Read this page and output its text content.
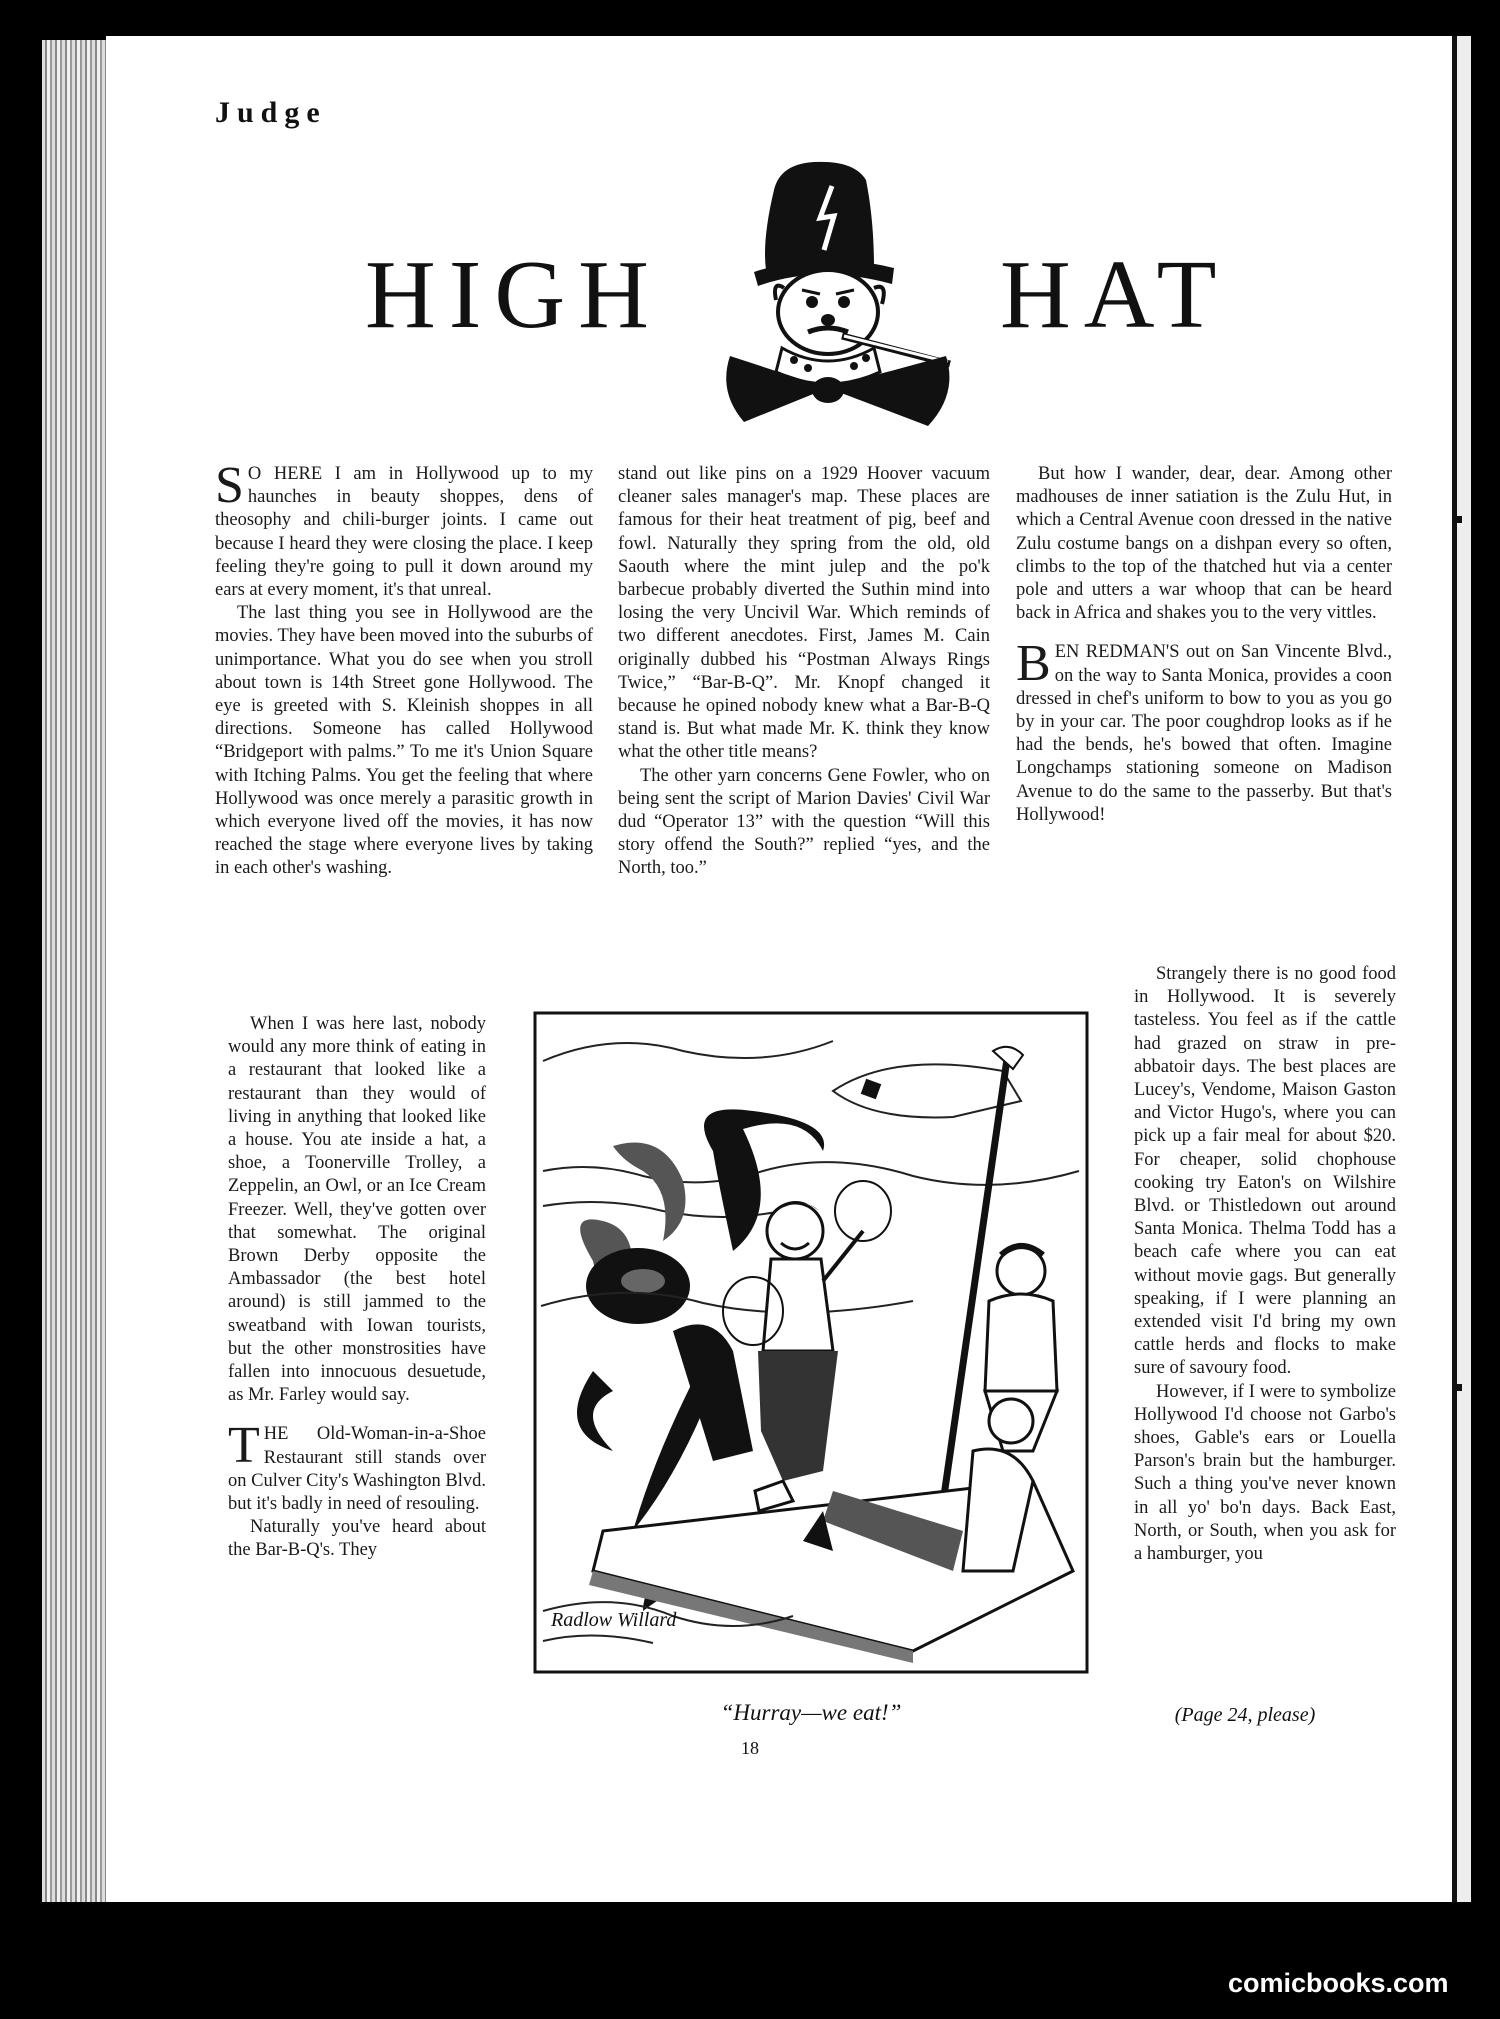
Judge
HIGH	HAT

S O HERE I am in Hollywood up to my haunches in beauty shoppes, dens of theosophy and chili-burger joints. I came out because I heard they were closing the place. I keep feeling they're going to pull it down around my ears at every moment, it's that unreal.

The last thing you see in Hollywood are the movies. They have been moved into the suburbs of unimportance. What you do see when you stroll about town is 14th Street gone Hollywood. The eye is greeted with S. Kleinish shoppes in all directions. Someone has called Hollywood “Bridgeport with palms.” To me it's Union Square with Itching Palms. You get the feeling that where Hollywood was once merely a parasitic growth in which everyone lived off the movies, it has now reached the stage where everyone lives by taking in each other's washing.

When I was here last, nobody would any more think of eating in a restaurant that looked like a restaurant than they would of living in anything that looked like a house. You ate inside a hat, a shoe, a Toonerville Trolley, a Zeppelin, an Owl, or an Ice Cream Freezer. Well, they've gotten over that somewhat. The original Brown Derby opposite the Ambassador (the best hotel around) is still jammed to the sweatband with Iowan tourists, but the other monstrosities have fallen into innocuous desuetude, as Mr. Farley would say.

THE Old-Woman-in-a-Shoe Restaurant still stands over on Culver City's Washington Blvd. but it's badly in need of resouling.

Naturally you've heard about the Bar-B-Q's. They

stand out like pins on a 1929 Hoover vacuum cleaner sales manager's map. These places are famous for their heat treatment of pig, beef and fowl. Naturally they spring from the old, old Saouth where the mint julep and the po'k barbecue probably diverted the Suthin mind into losing the very Uncivil War. Which reminds of two different anecdotes. First, James M. Cain originally dubbed his “Postman Always Rings Twice,” “Bar-B-Q”. Mr. Knopf changed it because he opined nobody knew what a Bar-B-Q stand is. But what made Mr. K. think they know what the other title means?

The other yarn concerns Gene Fowler, who on being sent the script of Marion Davies' Civil War dud “Operator 13” with the question “Will this story offend the South?” replied “yes, and the North, too.”

But how I wander, dear, dear. Among other madhouses de inner satiation is the Zulu Hut, in which a Central Avenue coon dressed in the native Zulu costume bangs on a dishpan every so often, climbs to the top of the thatched hut via a center pole and utters a war whoop that can be heard back in Africa and shakes you to the very vittles.

BEN REDMAN'S out on San Vincente Blvd., on the way to Santa Monica, provides a coon dressed in chef's uniform to bow to you as you go by in your car. The poor coughdrop looks as if he had the bends, he's bowed that often. Imagine Longchamps stationing someone on Madison Avenue to do the same to the passerby. But that's Hollywood!

Strangely there is no good food in Hollywood. It is severely tasteless. You feel as if the cattle had grazed on straw in pre-abbatoir days. The best places are Lucey's, Vendome, Maison Gaston and Victor Hugo's, where you can pick up a fair meal for about $20. For cheaper, solid chophouse cooking try Eaton's on Wilshire Blvd. or Thistledown out around Santa Monica. Thelma Todd has a beach cafe where you can eat without movie gags. But generally speaking, if I were planning an extended visit I'd bring my own cattle herds and flocks to make sure of savoury food.

However, if I were to symbolize Hollywood I'd choose not Garbo's shoes, Gable's ears or Louella Parson's brain but the hamburger. Such a thing you've never known in all yo' bo'n days. Back East, North, or South, when you ask for a hamburger, you

Radlow Willard
“Hurray—we eat!”	(Page 24, please)
18
comicbooks.com
